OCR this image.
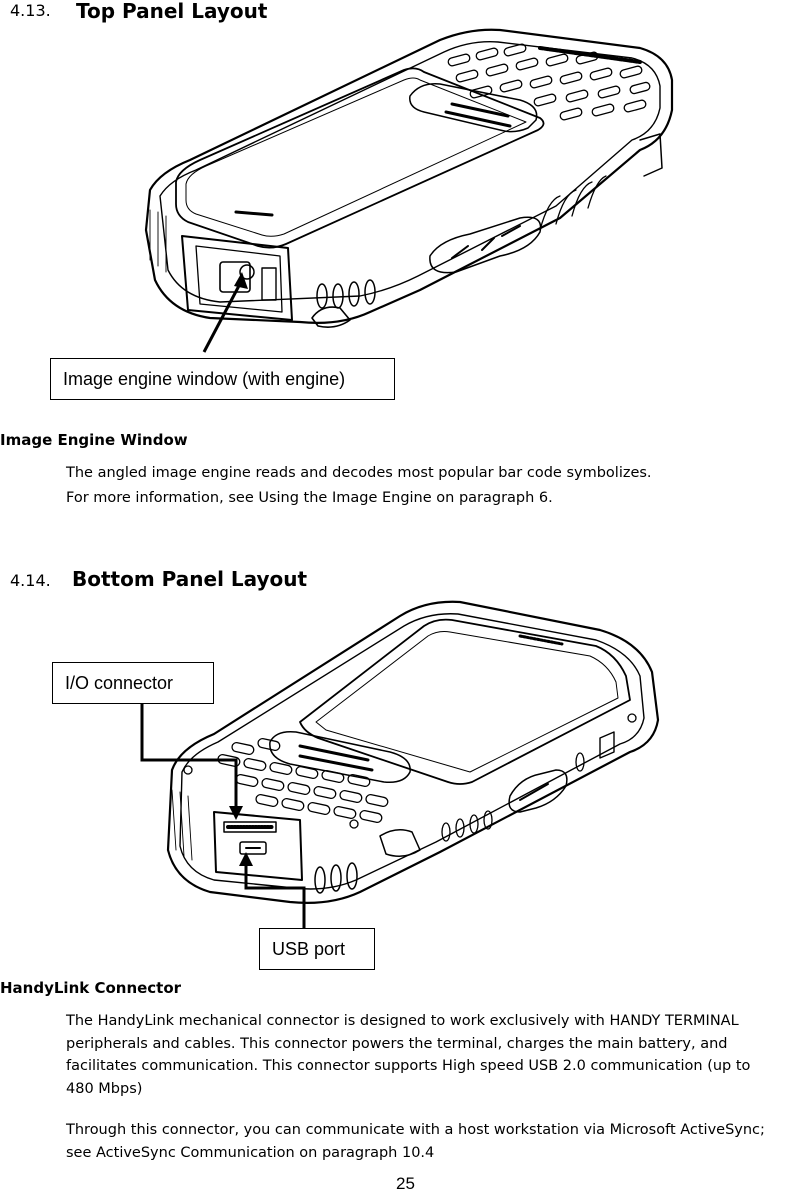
4.13. Top Panel Layout
Image engine window (with engine)
Image Engine Window
The angled image engine reads and decodes most popular bar code symbolizes.
For more information, see Using the Image Engine on paragraph 6.
4.14. Bottom Panel Layout
I/O connector
USB port
HandyLink Connector
The HandyLink mechanical connector is designed to work exclusively with HANDY TERMINAL peripherals and cables. This connector powers the terminal, charges the main battery, and facilitates communication. This connector supports High speed USB 2.0 communication (up to 480 Mbps)
Through this connector, you can communicate with a host workstation via Microsoft ActiveSync; see ActiveSync Communication on paragraph 10.4
25
